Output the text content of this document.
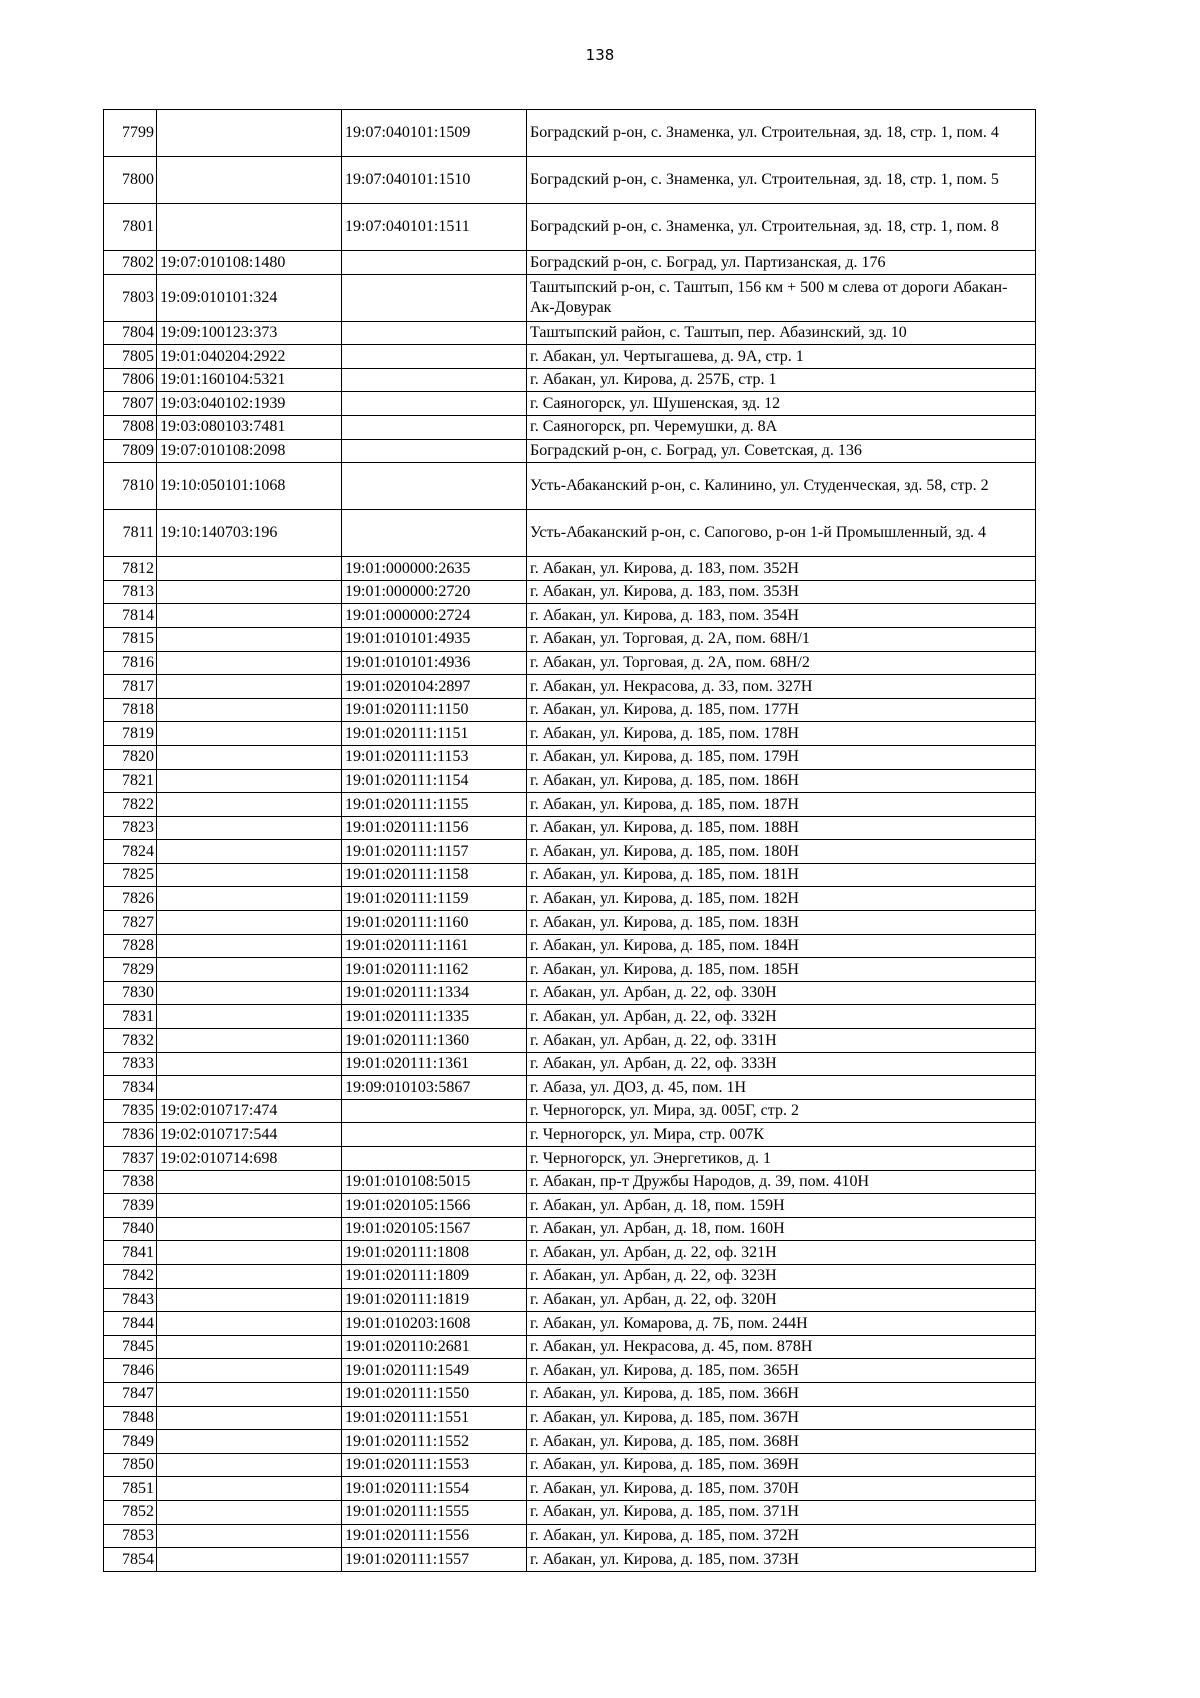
138
7799		19:07:040101:1509	Боградский р-он, с. Знаменка, ул. Строительная, зд. 18, стр. 1, пом. 4
7800		19:07:040101:1510	Боградский р-он, с. Знаменка, ул. Строительная, зд. 18, стр. 1, пом. 5
7801		19:07:040101:1511	Боградский р-он, с. Знаменка, ул. Строительная, зд. 18, стр. 1, пом. 8
7802	19:07:010108:1480		Боградский р-он, с. Боград, ул. Партизанская, д. 176
7803	19:09:010101:324		Таштыпский р-он, с. Таштып, 156 км + 500 м слева от дороги Абакан-Ак-Довурак
7804	19:09:100123:373		Таштыпский район, с. Таштып, пер. Абазинский, зд. 10
7805	19:01:040204:2922		г. Абакан, ул. Чертыгашева, д. 9А, стр. 1
7806	19:01:160104:5321		г. Абакан, ул. Кирова, д. 257Б, стр. 1
7807	19:03:040102:1939		г. Саяногорск, ул. Шушенская, зд. 12
7808	19:03:080103:7481		г. Саяногорск, рп. Черемушки, д. 8А
7809	19:07:010108:2098		Боградский р-он, с. Боград, ул. Советская, д. 136
7810	19:10:050101:1068		Усть-Абаканский р-он, с. Калинино, ул. Студенческая, зд. 58, стр. 2
7811	19:10:140703:196		Усть-Абаканский р-он, с. Сапогово, р-он 1-й Промышленный, зд. 4
7812		19:01:000000:2635	г. Абакан, ул. Кирова, д. 183, пом. 352Н
7813		19:01:000000:2720	г. Абакан, ул. Кирова, д. 183, пом. 353Н
7814		19:01:000000:2724	г. Абакан, ул. Кирова, д. 183, пом. 354Н
7815		19:01:010101:4935	г. Абакан, ул. Торговая, д. 2А, пом. 68Н/1
7816		19:01:010101:4936	г. Абакан, ул. Торговая, д. 2А, пом. 68Н/2
7817		19:01:020104:2897	г. Абакан, ул. Некрасова, д. 33, пом. 327Н
7818		19:01:020111:1150	г. Абакан, ул. Кирова, д. 185, пом. 177Н
7819		19:01:020111:1151	г. Абакан, ул. Кирова, д. 185, пом. 178Н
7820		19:01:020111:1153	г. Абакан, ул. Кирова, д. 185, пом. 179Н
7821		19:01:020111:1154	г. Абакан, ул. Кирова, д. 185, пом. 186Н
7822		19:01:020111:1155	г. Абакан, ул. Кирова, д. 185, пом. 187Н
7823		19:01:020111:1156	г. Абакан, ул. Кирова, д. 185, пом. 188Н
7824		19:01:020111:1157	г. Абакан, ул. Кирова, д. 185, пом. 180Н
7825		19:01:020111:1158	г. Абакан, ул. Кирова, д. 185, пом. 181Н
7826		19:01:020111:1159	г. Абакан, ул. Кирова, д. 185, пом. 182Н
7827		19:01:020111:1160	г. Абакан, ул. Кирова, д. 185, пом. 183Н
7828		19:01:020111:1161	г. Абакан, ул. Кирова, д. 185, пом. 184Н
7829		19:01:020111:1162	г. Абакан, ул. Кирова, д. 185, пом. 185Н
7830		19:01:020111:1334	г. Абакан, ул. Арбан, д. 22, оф. 330Н
7831		19:01:020111:1335	г. Абакан, ул. Арбан, д. 22, оф. 332Н
7832		19:01:020111:1360	г. Абакан, ул. Арбан, д. 22, оф. 331Н
7833		19:01:020111:1361	г. Абакан, ул. Арбан, д. 22, оф. 333Н
7834		19:09:010103:5867	г. Абаза, ул. ДОЗ, д. 45, пом. 1Н
7835	19:02:010717:474		г. Черногорск, ул. Мира, зд. 005Г, стр. 2
7836	19:02:010717:544		г. Черногорск, ул. Мира, стр. 007К
7837	19:02:010714:698		г. Черногорск, ул. Энергетиков, д. 1
7838		19:01:010108:5015	г. Абакан, пр-т Дружбы Народов, д. 39, пом. 410Н
7839		19:01:020105:1566	г. Абакан, ул. Арбан, д. 18, пом. 159Н
7840		19:01:020105:1567	г. Абакан, ул. Арбан, д. 18, пом. 160Н
7841		19:01:020111:1808	г. Абакан, ул. Арбан, д. 22, оф. 321Н
7842		19:01:020111:1809	г. Абакан, ул. Арбан, д. 22, оф. 323Н
7843		19:01:020111:1819	г. Абакан, ул. Арбан, д. 22, оф. 320Н
7844		19:01:010203:1608	г. Абакан, ул. Комарова, д. 7Б, пом. 244Н
7845		19:01:020110:2681	г. Абакан, ул. Некрасова, д. 45, пом. 878Н
7846		19:01:020111:1549	г. Абакан, ул. Кирова, д. 185, пом. 365Н
7847		19:01:020111:1550	г. Абакан, ул. Кирова, д. 185, пом. 366Н
7848		19:01:020111:1551	г. Абакан, ул. Кирова, д. 185, пом. 367Н
7849		19:01:020111:1552	г. Абакан, ул. Кирова, д. 185, пом. 368Н
7850		19:01:020111:1553	г. Абакан, ул. Кирова, д. 185, пом. 369Н
7851		19:01:020111:1554	г. Абакан, ул. Кирова, д. 185, пом. 370Н
7852		19:01:020111:1555	г. Абакан, ул. Кирова, д. 185, пом. 371Н
7853		19:01:020111:1556	г. Абакан, ул. Кирова, д. 185, пом. 372Н
7854		19:01:020111:1557	г. Абакан, ул. Кирова, д. 185, пом. 373Н
